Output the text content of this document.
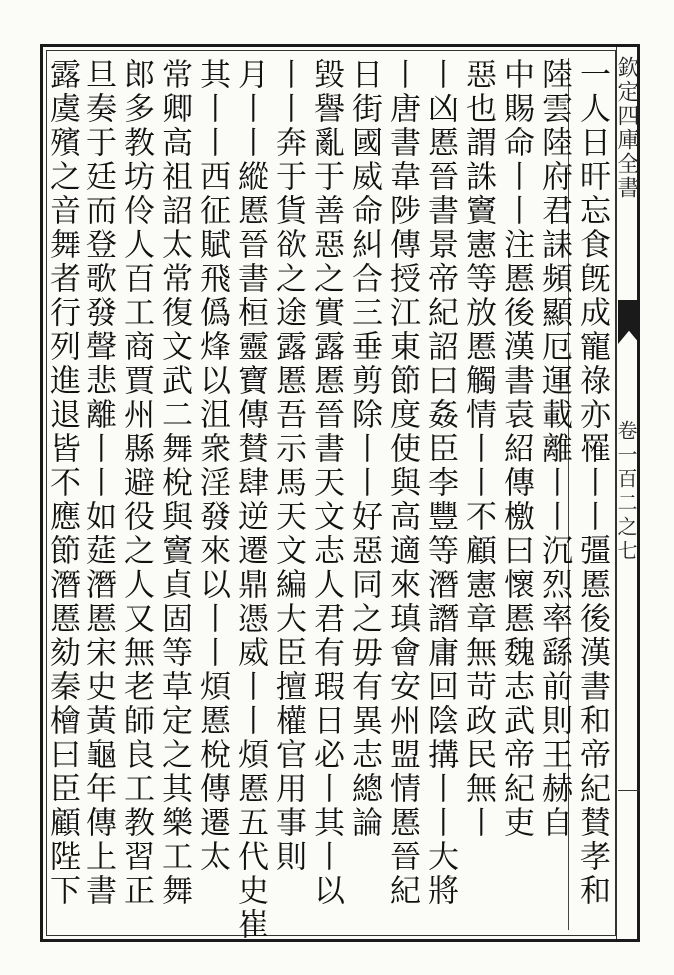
欽定四庫全書
卷一百二之七
一人日旰忘食旣成寵祿亦罹丨丨彊慝後漢書和帝紀賛孝和
陸雲陸府君誄頻顯厄運載離丨丨沉烈率繇前則王赫自
中賜命丨丨注慝後漢書袁紹傳檄曰懷慝魏志武帝紀吏
惡也謂誅竇憲等放慝觸情丨丨不顧憲章無苛政民無丨
丨凶慝晉書景帝紀詔曰姦臣李豐等潛譖庸回陰搆丨丨大將
丨唐書韋陟傳授江東節度使與高適來瑱會安州盟情慝晉紀
日街國威命糾合三垂剪除丨丨好惡同之毋有異志總論
毀譽亂于善惡之實露慝晉書天文志人君有瑕日必丨其丨以
丨丨奔于貨欲之途露慝吾示馬天文編大臣擅權官用事則
月丨丨縱慝晉書桓靈寶傳賛肆逆遷鼎憑威丨丨煩慝五代史崔
其丨丨西征賦飛僞烽以沮衆淫發來以丨丨煩慝梲傳遷太
常卿高祖詔太常復文武二舞梲與竇貞固等草定之其樂工舞
郎多教坊伶人百工商賈州縣避役之人又無老師良工教習正
旦奏于廷而登歌發聲悲離丨丨如莚潛慝宋史黃龜年傳上書
露虞殯之音舞者行列進退皆不應節潛慝劾秦檜曰臣顧陛下
